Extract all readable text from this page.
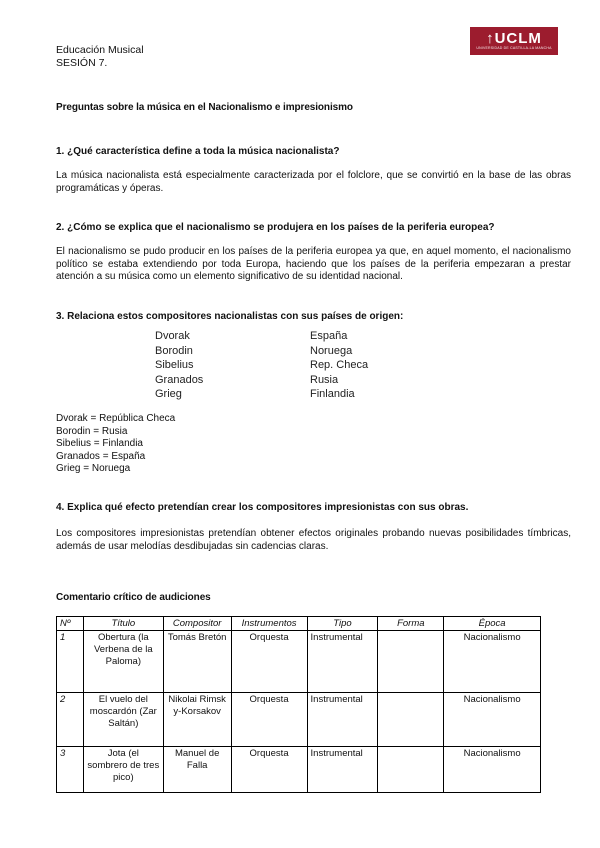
Educación Musical
SESIÓN 7.
↑UCLM
UNIVERSIDAD DE CASTILLA-LA MANCHA
Preguntas sobre la música en el Nacionalismo e impresionismo
1. ¿Qué característica define a toda la música nacionalista?
La música nacionalista está especialmente caracterizada por el folclore, que se convirtió en la base de las obras programáticas y óperas.
2. ¿Cómo se explica que el nacionalismo se produjera en los países de la periferia europea?
El nacionalismo se pudo producir en los países de la periferia europea ya que, en aquel momento, el nacionalismo político se estaba extendiendo por toda Europa, haciendo que los países de la periferia empezaran a prestar atención a su música como un elemento significativo de su identidad nacional.
3. Relaciona estos compositores nacionalistas con sus países de origen:
Dvorak
Borodin
Sibelius
Granados
Grieg
España
Noruega
Rep. Checa
Rusia
Finlandia
Dvorak = República Checa
Borodin = Rusia
Sibelius = Finlandia
Granados = España
Grieg = Noruega
4. Explica qué efecto pretendían crear los compositores impresionistas con sus obras.
Los compositores impresionistas pretendían obtener efectos originales probando nuevas posibilidades tímbricas, además de usar melodías desdibujadas sin cadencias claras.
Comentario crítico de audiciones
Nº	Título	Compositor	Instrumentos	Tipo	Forma	Época
1	Obertura (la Verbena de la Paloma)	Tomás Bretón	Orquesta	Instrumental		Nacionalismo
2	El vuelo del moscardón (Zar Saltán)	Nikolai Rimsky-Korsakov	Orquesta	Instrumental		Nacionalismo
3	Jota (el sombrero de tres pico)	Manuel de Falla	Orquesta	Instrumental		Nacionalismo
